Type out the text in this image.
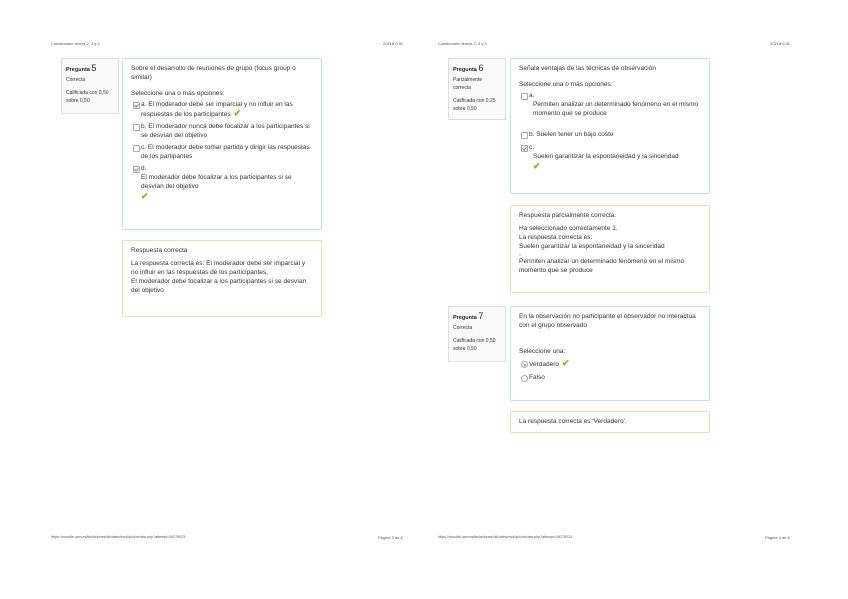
Cuestionario temas 2, 3 y 4	2/3/18 0:31
Pregunta 5
Correcta
Calificada con 0,50 sobre 0,50
Sobre el desarrollo de reuniones de grupo (focus group o similar)
Seleccione una o más opciones:
a. El moderador debe ser imparcial y no influir en las respuestas de los participantes ✔
b. El moderador nunca debe focalizar a los participantes si se desvían del objetivo
c. El moderador debe tomar partido y dirigir las respuestas de los partipantes
d.
El moderador debe focalizar a los participantes si se desvían del objetivo
✔
Respuesta correcta
La respuesta correcta es: El moderador debe ser imparcial y no influir en las respuestas de los participantes,
El moderador debe focalizar a los participantes si se desvían del objetivo
https://moodle.upm.es/titulaciones/oficiales/mod/quiz/review.php?attempt=26278023	Página 3 de 6
Cuestionario temas 2, 3 y 4	2/3/18 0:31
Pregunta 6
Parcialmente correcta
Calificada con 0,25 sobre 0,50
Señala ventajas de las técnicas de observación
Seleccione una o más opciones:
a.
Permiten analizar un determinado fenómeno en el mismo momento que se produce
b. Suelen tener un bajo coste
c.
Suelen garantizar la espontaneidad y la sinceridad
✔
Respuesta parcialmente correcta.
Ha seleccionado correctamente 1.
La respuesta correcta es:
Suelen garantizar la espontaneidad y la sinceridad
,
Permiten analizar un determinado fenómeno en el mismo momento que se produce
Pregunta 7
Correcta
Calificada con 0,50 sobre 0,50
En la observación no participante el observador no interactúa con el grupo observado
Seleccione una:
Verdadero ✔
Falso
La respuesta correcta es 'Verdadero'.
https://moodle.upm.es/titulaciones/oficiales/mod/quiz/review.php?attempt=26278023	Página 4 de 6
